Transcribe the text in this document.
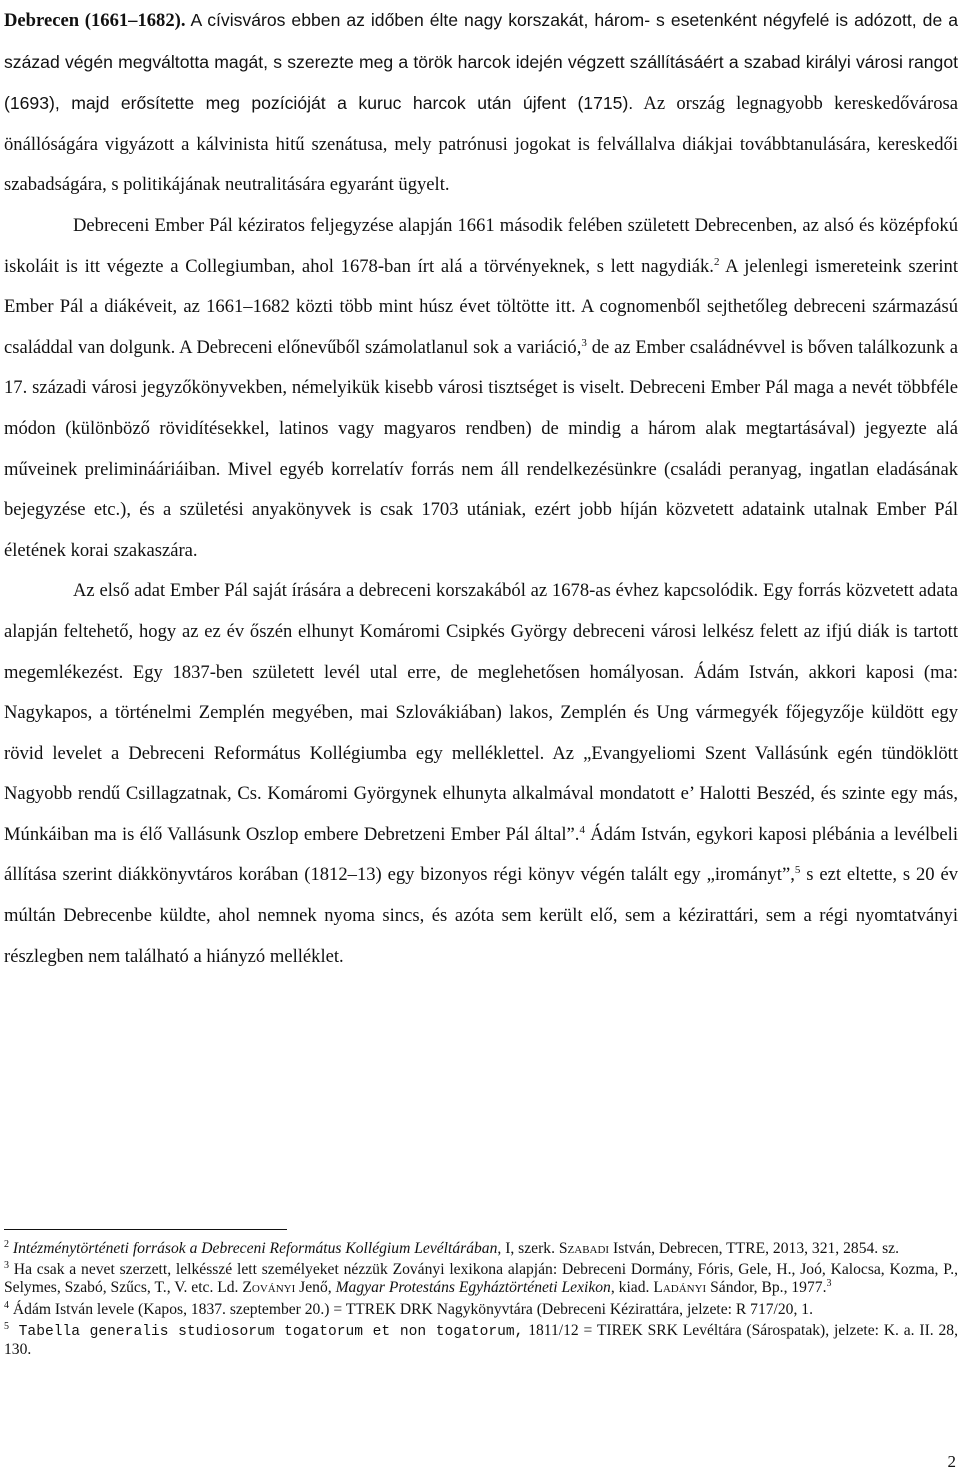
Debrecen (1661–1682). A cívisváros ebben az időben élte nagy korszakát, három- s esetenként négyfelé is adózott, de a század végén megváltotta magát, s szerezte meg a török harcok idején végzett szállításáért a szabad királyi városi rangot (1693), majd erősítette meg pozícióját a kuruc harcok után újfent (1715). Az ország legnagyobb kereskedővárosa önállóságára vigyázott a kálvinista hitű szenátusa, mely patrónusi jogokat is felvállalva diákjai továbbtanulására, kereskedői szabadságára, s politikájának neutralitására egyaránt ügyelt.

Debreceni Ember Pál kéziratos feljegyzése alapján 1661 második felében született Debrecenben, az alsó és középfokú iskoláit is itt végezte a Collegiumban, ahol 1678-ban írt alá a törvényeknek, s lett nagydiák.$^2$ A jelenlegi ismereteink szerint Ember Pál a diákéveit, az 1661–1682 közti több mint húsz évet töltötte itt. A cognomenből sejthetőleg debreceni származású családdal van dolgunk. A Debreceni előnevűből számolatlanul sok a variáció,$^3$ de az Ember családnévvel is bőven találkozunk a 17. századi városi jegyzőkönyvekben, némelyikük kisebb városi tisztséget is viselt. Debreceni Ember Pál maga a nevét többféle módon (különböző rövidítésekkel, latinos vagy magyaros rendben) de mindig a három alak megtartásával) jegyezte alá műveinek preliminááriáiban. Mivel egyéb korrelatív forrás nem áll rendelkezésünkre (családi peranyag, ingatlan eladásának bejegyzése etc.), és a születési anyakönyvek is csak 1703 utániak, ezért jobb híján közvetett adataink utalnak Ember Pál életének korai szakaszára.

Az első adat Ember Pál saját írására a debreceni korszakából az 1678-as évhez kapcsolódik. Egy forrás közvetett adata alapján feltehető, hogy az ez év őszén elhunyt Komáromi Csipkés György debreceni városi lelkész felett az ifjú diák is tartott megemlékezést. Egy 1837-ben született levél utal erre, de meglehetősen homályosan. Ádám István, akkori kaposi (ma: Nagykapos, a történelmi Zemplén megyében, mai Szlovákiában) lakos, Zemplén és Ung vármegyék főjegyzője küldött egy rövid levelet a Debreceni Református Kollégiumba egy melléklettel. Az „Evangyeliomi Szent Vallásúnk egén tündöklött Nagyobb rendű Csillagzatnak, Cs. Komáromi Györgynek elhunyta alkalmával mondatott e’ Halotti Beszéd, és szinte egy más, Múnkáiban ma is élő Vallásunk Oszlop embere Debretzeni Ember Pál által”.$^4$ Ádám István, egykori kaposi plébánia a levélbeli állítása szerint diákkönyvtáros korában (1812–13) egy bizonyos régi könyv végén talált egy „irományt”,$^5$ s ezt eltette, s 20 év múltán Debrecenbe küldte, ahol nemnek nyoma sincs, és azóta sem került elő, sem a kézirattári, sem a régi nyomtatványi részlegben nem található a hiányzó melléklet.

$^2$ Intézménytörténeti források a Debreceni Református Kollégium Levéltárában, I, szerk. Szabadi István, Debrecen, TTRE, 2013, 321, 2854. sz.

$^3$ Ha csak a nevet szerzett, lelkésszé lett személyeket nézzük Zoványi lexikona alapján: Debreceni Dormány, Fóris, Gele, H., Joó, Kalocsa, Kozma, P., Selymes, Szabó, Szűcs, T., V. etc. Ld. Zoványi Jenő, Magyar Protestáns Egyháztörténeti Lexikon, kiad. Ladányi Sándor, Bp., 1977.$^3$

$^4$ Ádám István levele (Kapos, 1837. szeptember 20.) = TTREK DRK Nagykönyvtára (Debreceni Kézirattára, jelzete: R 717/20, 1.

$^5$ Tabella generalis studiosorum togatorum et non togatorum, 1811/12 = TIREK SRK Levéltára (Sárospatak), jelzete: K. a. II. 28, 130.

2
